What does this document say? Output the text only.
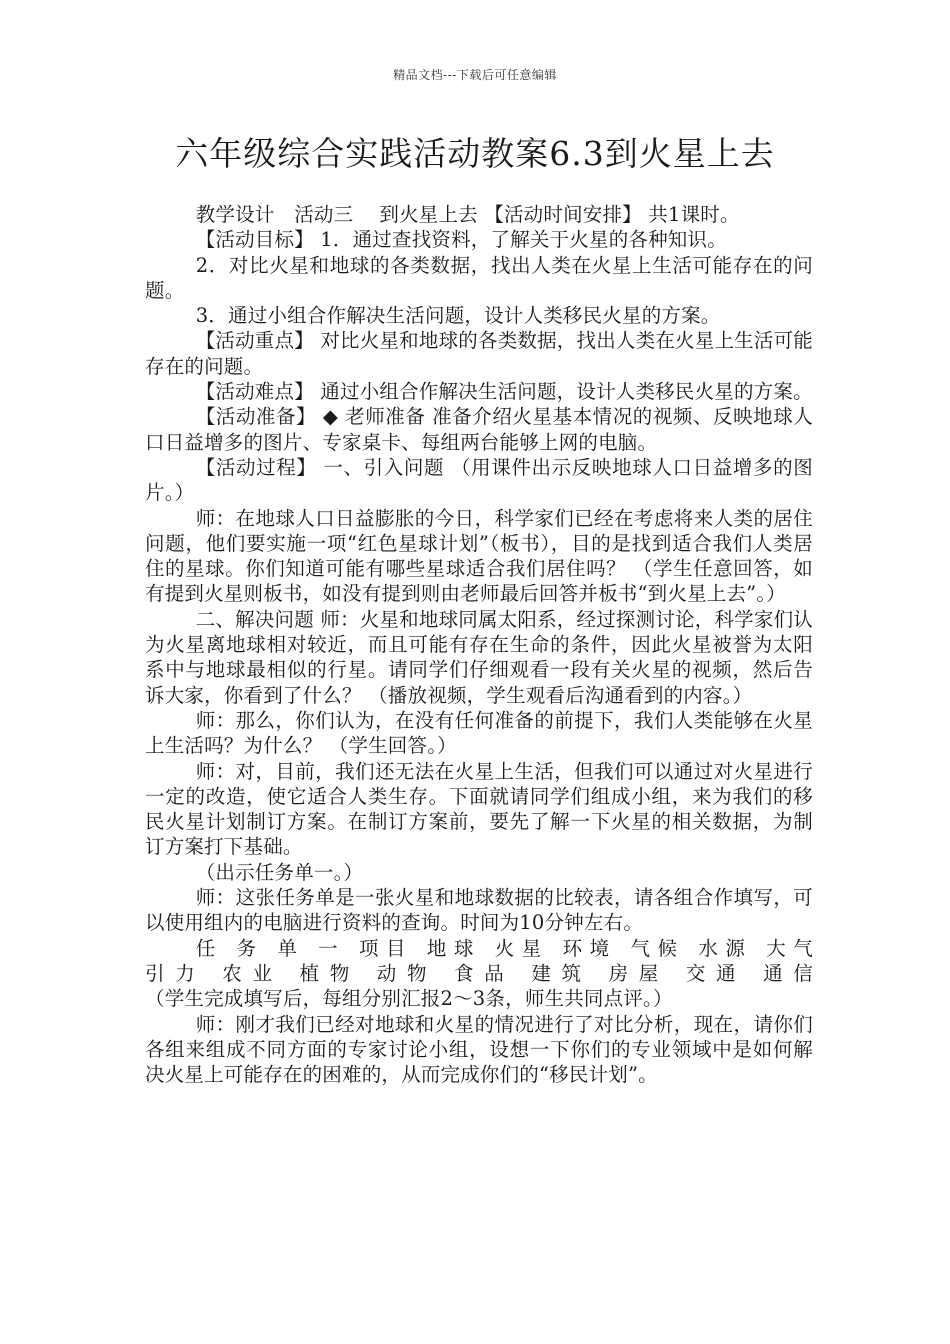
精品文档---下载后可任意编辑
六年级综合实践活动教案6.3到火星上去

教学设计　活动三　 到火星上去 【活动时间安排】 共1课时。

【活动目标】 1．通过查找资料，了解关于火星的各种知识。

2．对比火星和地球的各类数据，找出人类在火星上生活可能存在的问题。

3．通过小组合作解决生活问题，设计人类移民火星的方案。

【活动重点】 对比火星和地球的各类数据，找出人类在火星上生活可能存在的问题。

【活动难点】 通过小组合作解决生活问题，设计人类移民火星的方案。

【活动准备】 ◆ 老师准备 准备介绍火星基本情况的视频、反映地球人口日益增多的图片、专家桌卡、每组两台能够上网的电脑。

【活动过程】 一、引入问题 （用课件出示反映地球人口日益增多的图片。）

师：在地球人口日益膨胀的今日，科学家们已经在考虑将来人类的居住问题，他们要实施一项“红色星球计划”（板书），目的是找到适合我们人类居住的星球。你们知道可能有哪些星球适合我们居住吗？ （学生任意回答，如有提到火星则板书，如没有提到则由老师最后回答并板书“到火星上去”。）

二、解决问题 师：火星和地球同属太阳系，经过探测讨论，科学家们认为火星离地球相对较近，而且可能有存在生命的条件，因此火星被誉为太阳系中与地球最相似的行星。请同学们仔细观看一段有关火星的视频，然后告诉大家，你看到了什么？ （播放视频，学生观看后沟通看到的内容。）

师：那么，你们认为，在没有任何准备的前提下，我们人类能够在火星上生活吗？为什么？ （学生回答。）

师：对，目前，我们还无法在火星上生活，但我们可以通过对火星进行一定的改造，使它适合人类生存。下面就请同学们组成小组，来为我们的移民火星计划制订方案。在制订方案前，要先了解一下火星的相关数据，为制订方案打下基础。

（出示任务单一。）

师：这张任务单是一张火星和地球数据的比较表，请各组合作填写，可以使用组内的电脑进行资料的查询。时间为10分钟左右。

任 务 单 一 项目 地球 火星 环境 气候 水源 大气

引力 农业 植物 动物 食品 建筑 房屋 交通 通信

（学生完成填写后，每组分别汇报2～3条，师生共同点评。）

师：刚才我们已经对地球和火星的情况进行了对比分析，现在，请你们各组来组成不同方面的专家讨论小组，设想一下你们的专业领域中是如何解决火星上可能存在的困难的，从而完成你们的“移民计划”。
